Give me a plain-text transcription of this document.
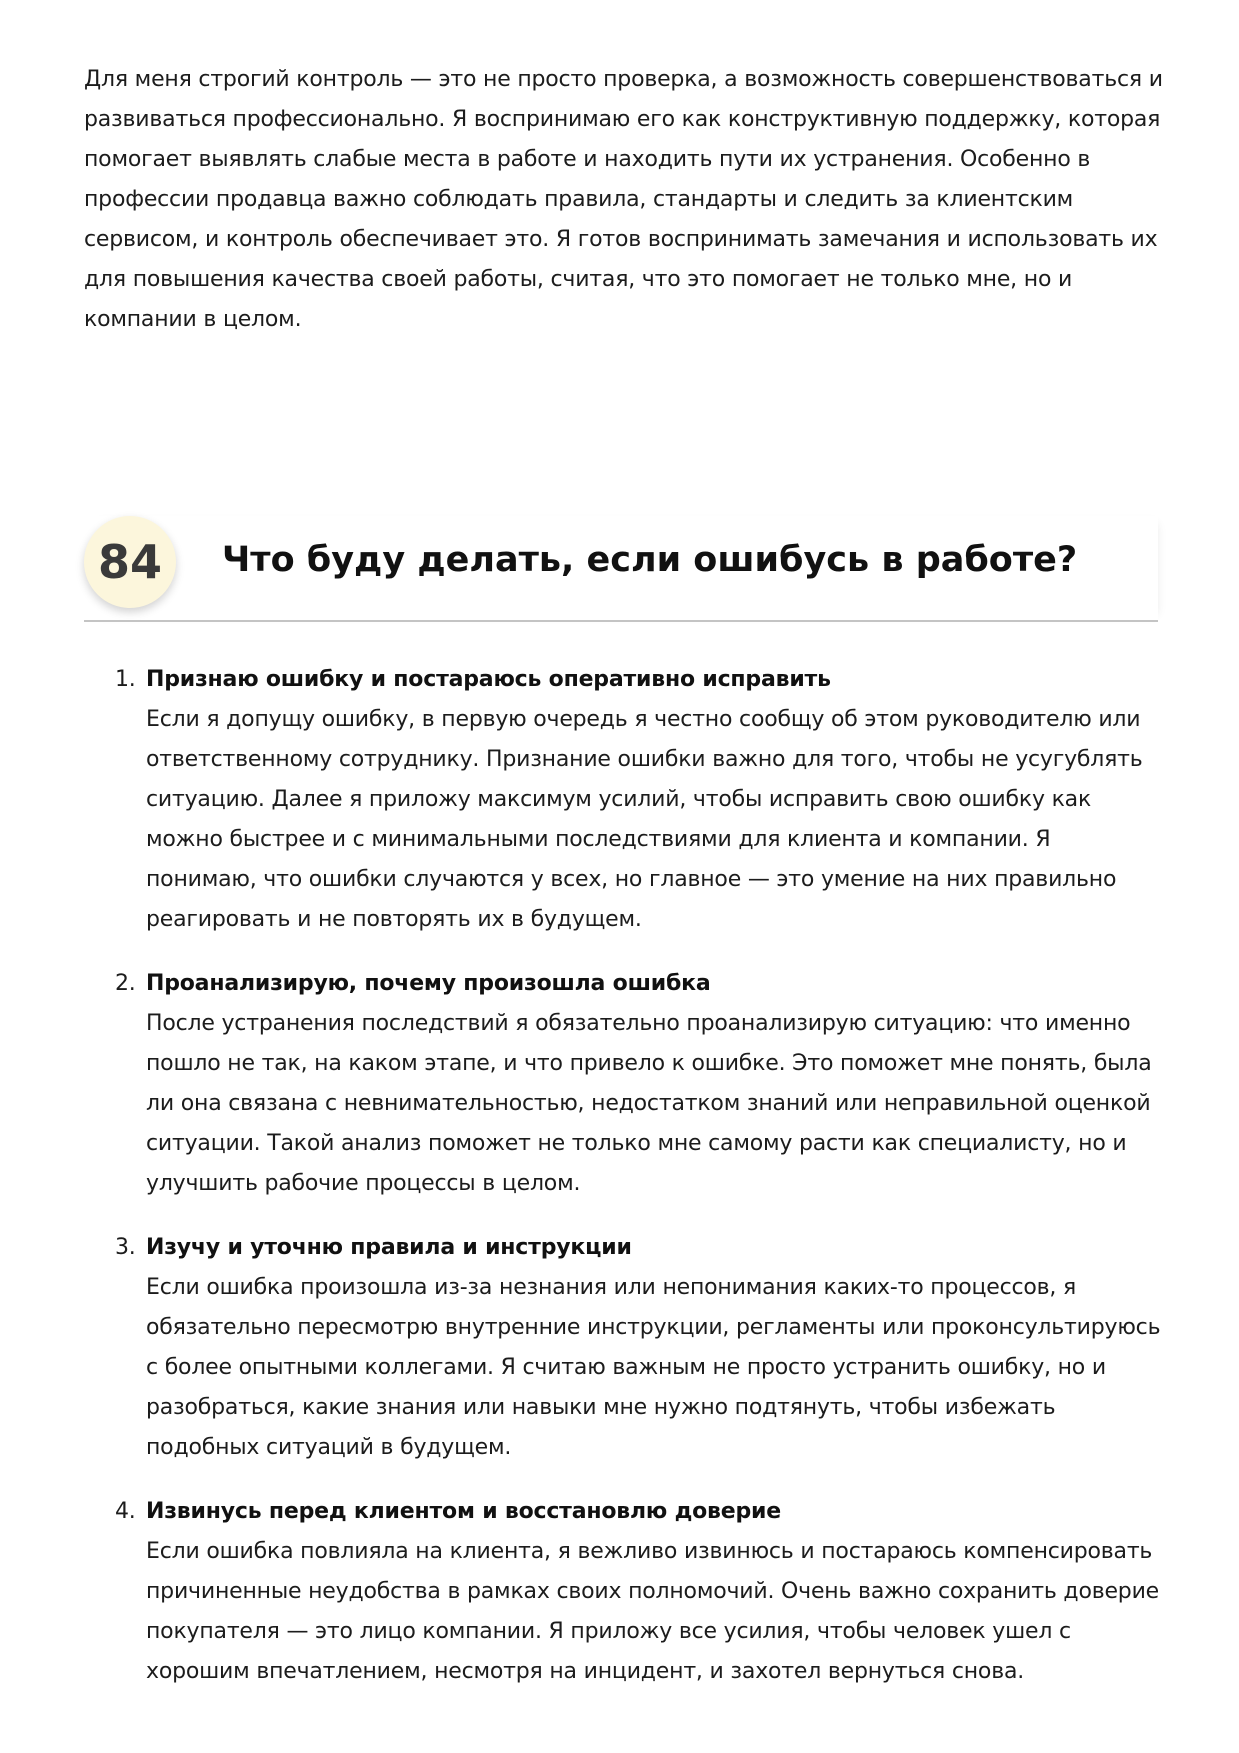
Для меня строгий контроль — это не просто проверка, а возможность совершенствоваться и развиваться профессионально. Я воспринимаю его как конструктивную поддержку, которая помогает выявлять слабые места в работе и находить пути их устранения. Особенно в профессии продавца важно соблюдать правила, стандарты и следить за клиентским сервисом, и контроль обеспечивает это. Я готов воспринимать замечания и использовать их для повышения качества своей работы, считая, что это помогает не только мне, но и компании в целом.

84	Что буду делать, если ошибусь в работе?
1. Признаю ошибку и постараюсь оперативно исправить
Если я допущу ошибку, в первую очередь я честно сообщу об этом руководителю или ответственному сотруднику. Признание ошибки важно для того, чтобы не усугублять ситуацию. Далее я приложу максимум усилий, чтобы исправить свою ошибку как можно быстрее и с минимальными последствиями для клиента и компании. Я понимаю, что ошибки случаются у всех, но главное — это умение на них правильно реагировать и не повторять их в будущем.
2. Проанализирую, почему произошла ошибка
После устранения последствий я обязательно проанализирую ситуацию: что именно пошло не так, на каком этапе, и что привело к ошибке. Это поможет мне понять, была ли она связана с невнимательностью, недостатком знаний или неправильной оценкой ситуации. Такой анализ поможет не только мне самому расти как специалисту, но и улучшить рабочие процессы в целом.
3. Изучу и уточню правила и инструкции
Если ошибка произошла из-за незнания или непонимания каких-то процессов, я обязательно пересмотрю внутренние инструкции, регламенты или проконсультируюсь с более опытными коллегами. Я считаю важным не просто устранить ошибку, но и разобраться, какие знания или навыки мне нужно подтянуть, чтобы избежать подобных ситуаций в будущем.
4. Извинусь перед клиентом и восстановлю доверие
Если ошибка повлияла на клиента, я вежливо извинюсь и постараюсь компенсировать причиненные неудобства в рамках своих полномочий. Очень важно сохранить доверие покупателя — это лицо компании. Я приложу все усилия, чтобы человек ушел с хорошим впечатлением, несмотря на инцидент, и захотел вернуться снова.
